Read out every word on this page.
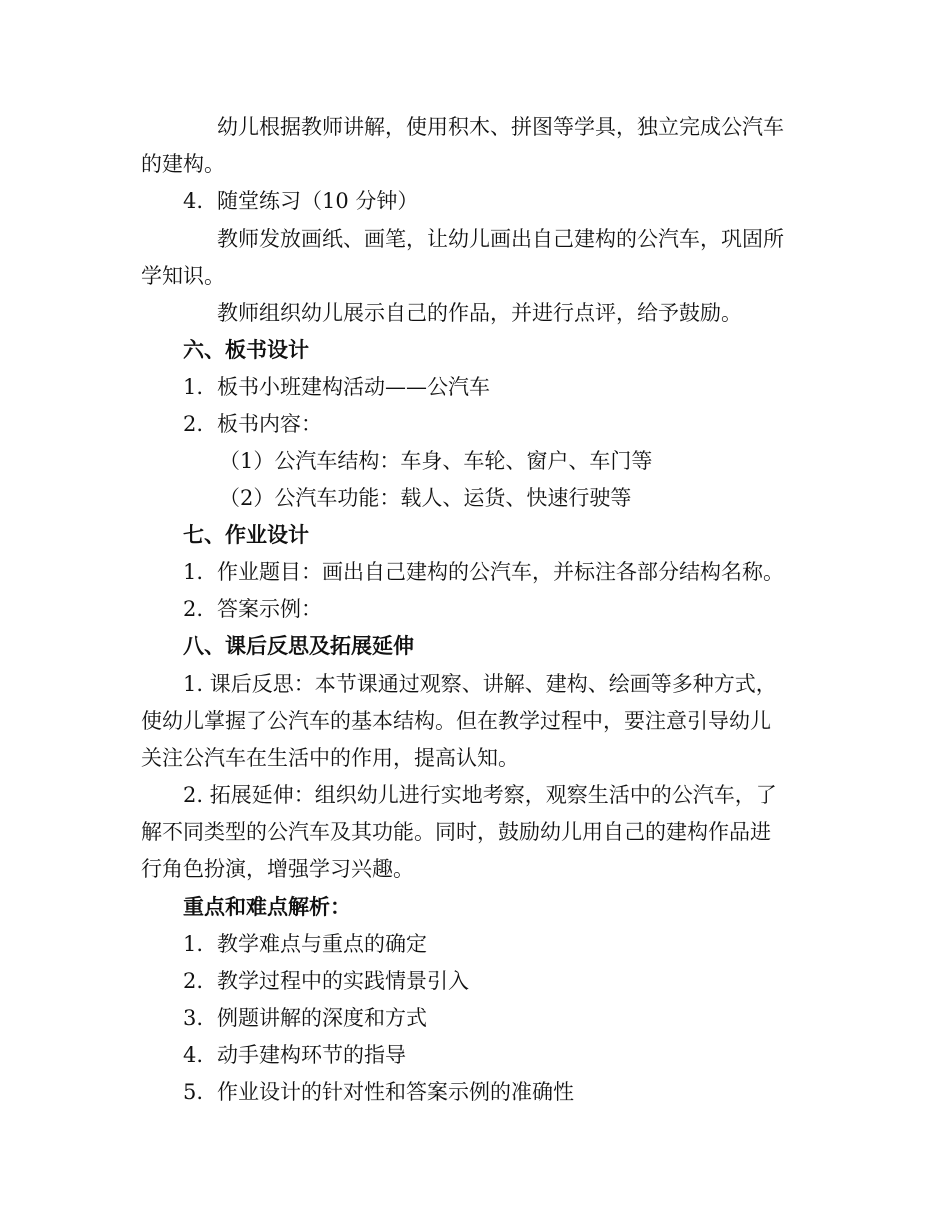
幼儿根据教师讲解，使用积木、拼图等学具，独立完成公汽车
的建构。
4. 随堂练习（10 分钟）
教师发放画纸、画笔，让幼儿画出自己建构的公汽车，巩固所
学知识。
教师组织幼儿展示自己的作品，并进行点评，给予鼓励。
六、板书设计
1. 板书小班建构活动——公汽车
2. 板书内容：
（1）公汽车结构：车身、车轮、窗户、车门等
（2）公汽车功能：载人、运货、快速行驶等
七、作业设计
1. 作业题目：画出自己建构的公汽车，并标注各部分结构名称。
2. 答案示例：
八、课后反思及拓展延伸
1. 课后反思：本节课通过观察、讲解、建构、绘画等多种方式，
使幼儿掌握了公汽车的基本结构。但在教学过程中，要注意引导幼儿
关注公汽车在生活中的作用，提高认知。
2. 拓展延伸：组织幼儿进行实地考察，观察生活中的公汽车，了
解不同类型的公汽车及其功能。同时，鼓励幼儿用自己的建构作品进
行角色扮演，增强学习兴趣。
重点和难点解析：
1. 教学难点与重点的确定
2. 教学过程中的实践情景引入
3. 例题讲解的深度和方式
4. 动手建构环节的指导
5. 作业设计的针对性和答案示例的准确性
